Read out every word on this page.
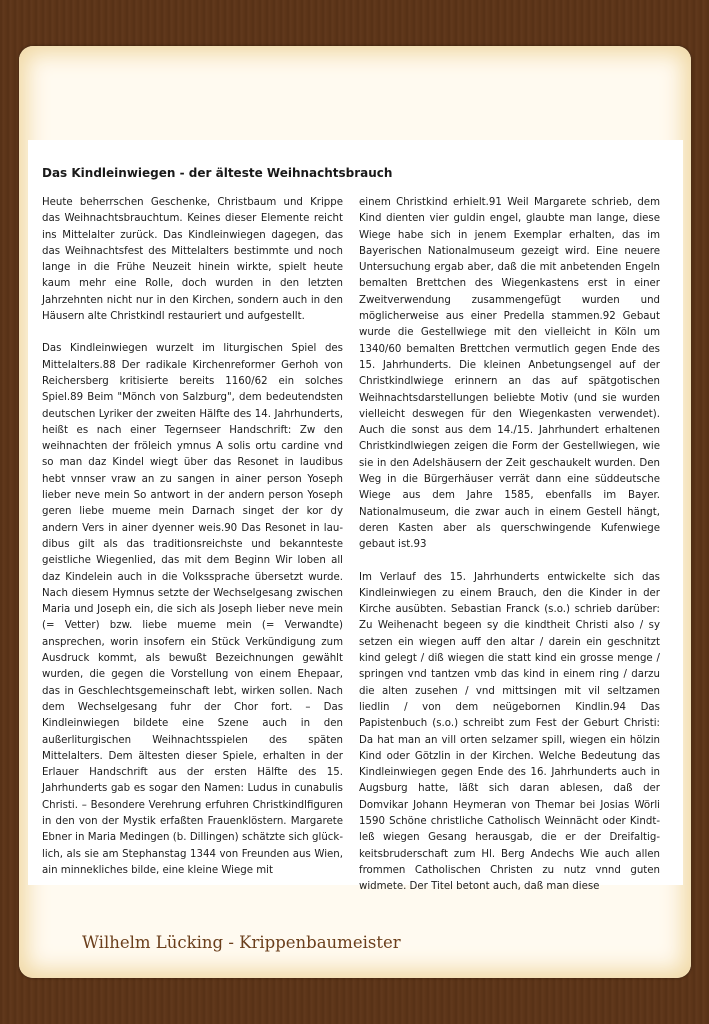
Das Kindleinwiegen - der älteste Weihnachtsbrauch

Heute beherrschen Geschenke, Christbaum und Krippe das Weihnachtsbrauchtum. Keines dieser Elemente reicht ins Mittelalter zurück. Das Kindleinwiegen dagegen, das das Weihnachtsfest des Mittelalters bestimmte und noch lange in die Frühe Neuzeit hinein wirkte, spielt heute kaum mehr eine Rolle, doch wurden in den letzten Jahrzehnten nicht nur in den Kirchen, sondern auch in den Häusern alte Christkindl restauriert und aufgestellt.

Das Kindleinwiegen wurzelt im liturgischen Spiel des Mittelalters.88 Der radikale Kirchenreformer Gerhoh von Reichersberg kritisierte bereits 1160/62 ein solches Spiel.89 Beim "Mönch von Salzburg", dem bedeutendsten deutschen Lyriker der zweiten Hälfte des 14. Jahrhunderts, heißt es nach einer Tegernseer Handschrift: Zw den weihnachten der fröleich ymnus A solis ortu cardine vnd so man daz Kindel wiegt über das Resonet in laudibus hebt vnnser vraw an zu sangen in ainer person Yoseph lieber neve mein So antwort in der andern person Yoseph geren liebe mueme mein Darnach singet der kor dy andern Vers in ainer dyenner weis.90 Das Resonet in laudibus gilt als das traditionsreichste und bekannteste geistliche Wiegenlied, das mit dem Beginn Wir loben all daz Kindelein auch in die Volkssprache übersetzt wurde. Nach diesem Hymnus setzte der Wechselgesang zwischen Maria und Joseph ein, die sich als Joseph lieber neve mein (= Vetter) bzw. liebe mueme mein (= Verwandte) ansprechen, worin insofern ein Stück Verkündigung zum Ausdruck kommt, als bewußt Bezeichnungen gewählt wurden, die gegen die Vorstellung von einem Ehepaar, das in Geschlechtsgemeinschaft lebt, wirken sollen. Nach dem Wechselgesang fuhr der Chor fort. – Das Kindleinwiegen bildete eine Szene auch in den außerliturgischen Weihnachtsspielen des späten Mittelalters. Dem ältesten dieser Spiele, erhalten in der Erlauer Handschrift aus der ersten Hälfte des 15. Jahrhunderts gab es sogar den Namen: Ludus in cunabulis Christi. – Besondere Verehrung erfuhren Christkindlfiguren in den von der Mystik erfaßten Frauenklöstern. Margarete Ebner in Maria Medingen (b. Dillingen) schätzte sich glücklich, als sie am Stephanstag 1344 von Freunden aus Wien, ain minnekliches bilde, eine kleine Wiege mit

einem Christkind erhielt.91 Weil Margarete schrieb, dem Kind dienten vier guldin engel, glaubte man lange, diese Wiege habe sich in jenem Exemplar erhalten, das im Bayerischen Nationalmuseum gezeigt wird. Eine neuere Untersuchung ergab aber, daß die mit anbetenden Engeln bemalten Brettchen des Wiegenkastens erst in einer Zweitverwendung zusammengefügt wurden und möglicherweise aus einer Predella stammen.92 Gebaut wurde die Gestellwiege mit den vielleicht in Köln um 1340/60 bemalten Brettchen vermutlich gegen Ende des 15. Jahrhunderts. Die kleinen Anbetungsengel auf der Christkindlwiege erinnern an das auf spätgotischen Weihnachtsdarstellungen beliebte Motiv (und sie wurden vielleicht deswegen für den Wiegenkasten verwendet). Auch die sonst aus dem 14./15. Jahrhundert erhaltenen Christkindlwiegen zeigen die Form der Gestellwiegen, wie sie in den Adelshäusern der Zeit geschaukelt wurden. Den Weg in die Bürgerhäuser verrät dann eine süddeutsche Wiege aus dem Jahre 1585, ebenfalls im Bayer. Nationalmuseum, die zwar auch in einem Gestell hängt, deren Kasten aber als querschwingende Kufenwiege gebaut ist.93

Im Verlauf des 15. Jahrhunderts entwickelte sich das Kindleinwiegen zu einem Brauch, den die Kinder in der Kirche ausübten. Sebastian Franck (s.o.) schrieb darüber: Zu Weihenacht begeen sy die kindtheit Christi also / sy setzen ein wiegen auff den altar / darein ein geschnitzt kind gelegt / diß wiegen die statt kind ein grosse menge / springen vnd tantzen vmb das kind in einem ring / darzu die alten zusehen / vnd mittsingen mit vil seltzamen liedlin / von dem neügebornen Kindlin.94 Das Papistenbuch (s.o.) schreibt zum Fest der Geburt Christi: Da hat man an vill orten selzamer spill, wiegen ein hölzin Kind oder Götzlin in der Kirchen. Welche Bedeutung das Kindleinwiegen gegen Ende des 16. Jahrhunderts auch in Augsburg hatte, läßt sich daran ablesen, daß der Domvikar Johann Heymeran von Themar bei Josias Wörli 1590 Schöne christliche Catholisch Weinnächt oder Kindtleß wiegen Gesang herausgab, die er der Dreifaltigkeitsbruderschaft zum Hl. Berg Andechs Wie auch allen frommen Catholischen Christen zu nutz vnnd guten widmete. Der Titel betont auch, daß man diese

Wilhelm Lücking - Krippenbaumeister
